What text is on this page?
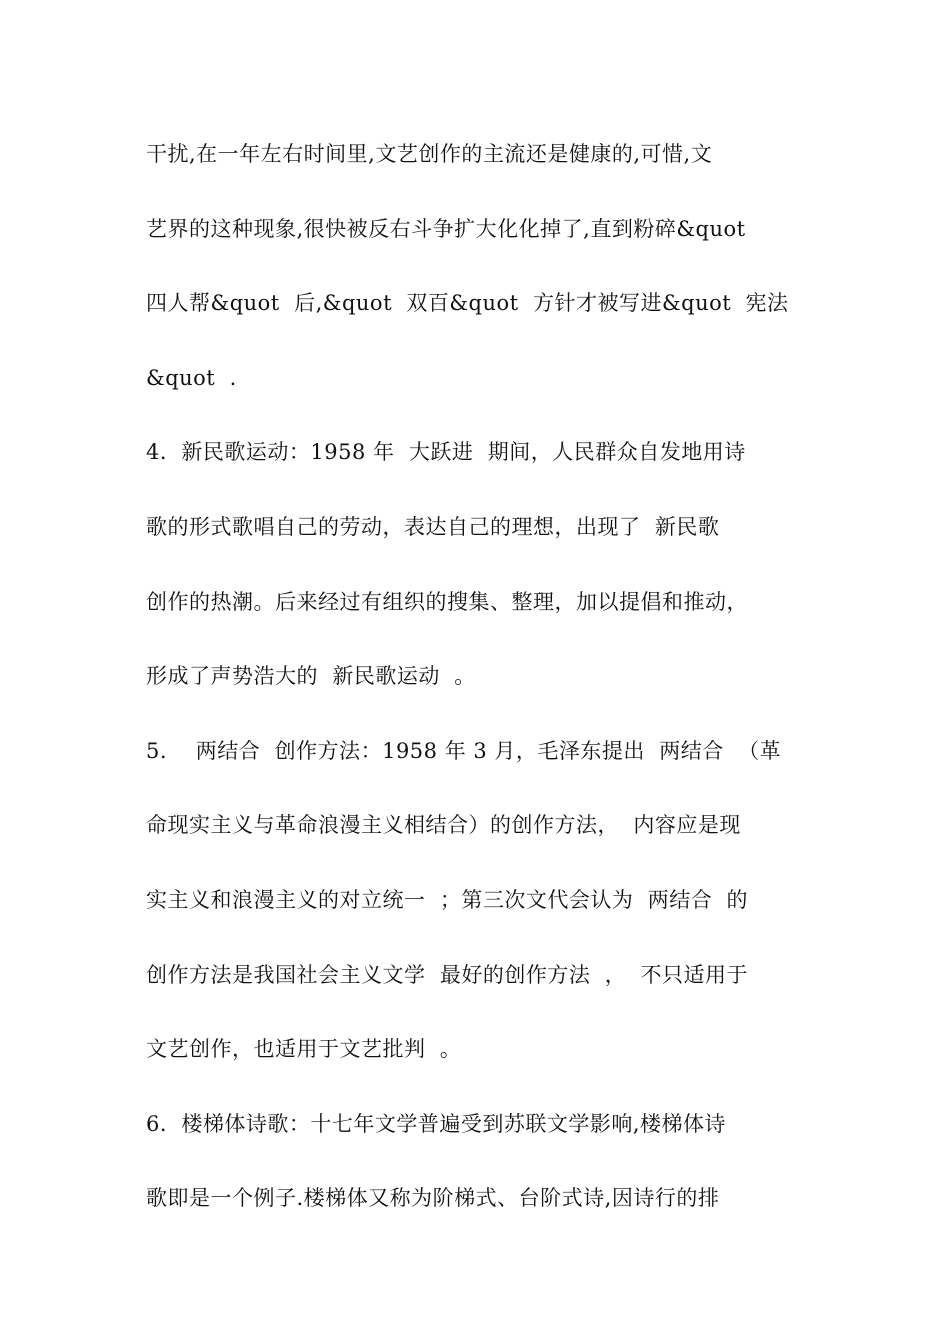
干扰,在一年左右时间里,文艺创作的主流还是健康的,可惜,文
艺界的这种现象,很快被反右斗争扩大化化掉了,直到粉碎&quot
四人帮&quot  后,&quot  双百&quot  方针才被写进&quot  宪法
&quot  .
4.  新民歌运动：1958 年  大跃进  期间，人民群众自发地用诗
歌的形式歌唱自己的劳动，表达自己的理想，出现了  新民歌
创作的热潮。后来经过有组织的搜集、整理，加以提倡和推动，
形成了声势浩大的  新民歌运动  。
5.    两结合  创作方法：1958 年 3 月，毛泽东提出  两结合  （革
命现实主义与革命浪漫主义相结合）的创作方法，  内容应是现
实主义和浪漫主义的对立统一  ；第三次文代会认为  两结合  的
创作方法是我国社会主义文学  最好的创作方法  ，  不只适用于
文艺创作，也适用于文艺批判  。
6.  楼梯体诗歌：十七年文学普遍受到苏联文学影响,楼梯体诗
歌即是一个例子.楼梯体又称为阶梯式、台阶式诗,因诗行的排
